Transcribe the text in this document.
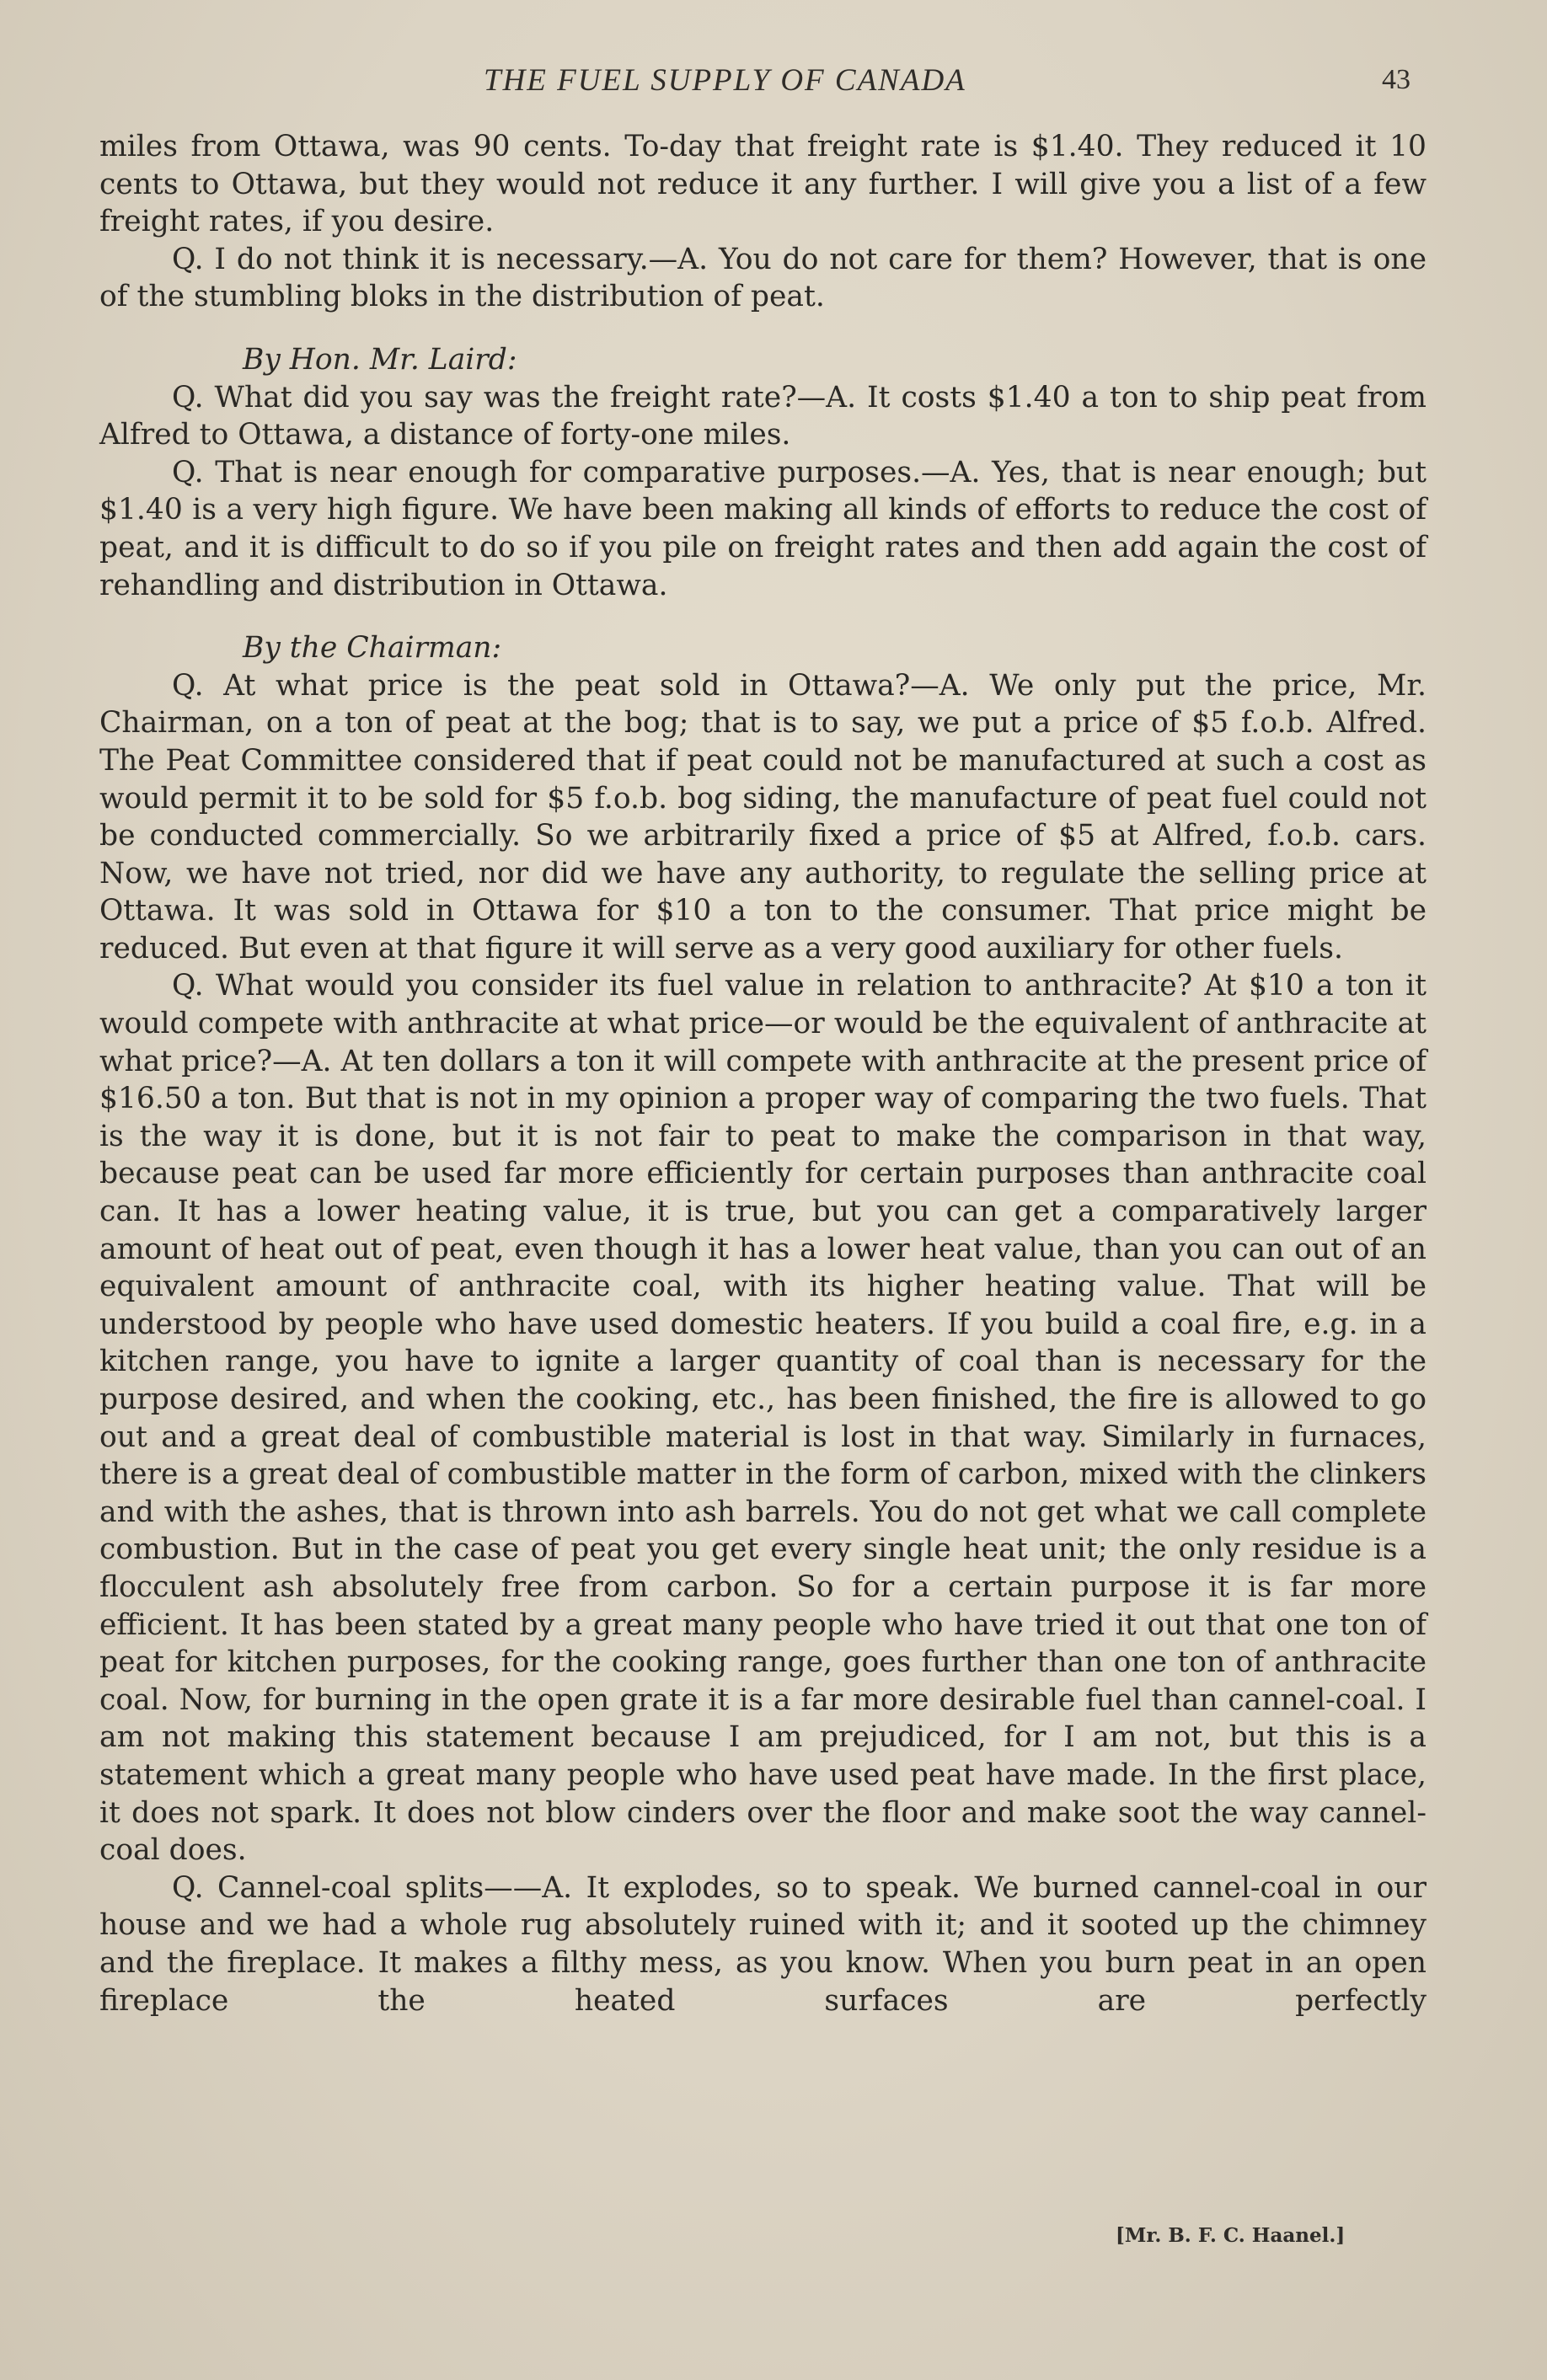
THE FUEL SUPPLY OF CANADA	43

miles from Ottawa, was 90 cents. To-day that freight rate is $1.40. They reduced it 10 cents to Ottawa, but they would not reduce it any further. I will give you a list of a few freight rates, if you desire.

Q. I do not think it is necessary.—A. You do not care for them? However, that is one of the stumbling bloks in the distribution of peat.

By Hon. Mr. Laird:

Q. What did you say was the freight rate?—A. It costs $1.40 a ton to ship peat from Alfred to Ottawa, a distance of forty-one miles.

Q. That is near enough for comparative purposes.—A. Yes, that is near enough; but $1.40 is a very high figure. We have been making all kinds of efforts to reduce the cost of peat, and it is difficult to do so if you pile on freight rates and then add again the cost of rehandling and distribution in Ottawa.

By the Chairman:

Q. At what price is the peat sold in Ottawa?—A. We only put the price, Mr. Chairman, on a ton of peat at the bog; that is to say, we put a price of $5 f.o.b. Alfred. The Peat Committee considered that if peat could not be manufactured at such a cost as would permit it to be sold for $5 f.o.b. bog siding, the manufacture of peat fuel could not be conducted commercially. So we arbitrarily fixed a price of $5 at Alfred, f.o.b. cars. Now, we have not tried, nor did we have any authority, to regulate the selling price at Ottawa. It was sold in Ottawa for $10 a ton to the consumer. That price might be reduced. But even at that figure it will serve as a very good auxiliary for other fuels.

Q. What would you consider its fuel value in relation to anthracite? At $10 a ton it would compete with anthracite at what price—or would be the equivalent of anthracite at what price?—A. At ten dollars a ton it will compete with anthracite at the present price of $16.50 a ton. But that is not in my opinion a proper way of comparing the two fuels. That is the way it is done, but it is not fair to peat to make the comparison in that way, because peat can be used far more efficiently for certain purposes than anthracite coal can. It has a lower heating value, it is true, but you can get a comparatively larger amount of heat out of peat, even though it has a lower heat value, than you can out of an equivalent amount of anthracite coal, with its higher heating value. That will be understood by people who have used domestic heaters. If you build a coal fire, e.g. in a kitchen range, you have to ignite a larger quantity of coal than is necessary for the purpose desired, and when the cooking, etc., has been finished, the fire is allowed to go out and a great deal of combustible material is lost in that way. Similarly in furnaces, there is a great deal of combustible matter in the form of carbon, mixed with the clinkers and with the ashes, that is thrown into ash barrels. You do not get what we call complete combustion. But in the case of peat you get every single heat unit; the only residue is a flocculent ash absolutely free from carbon. So for a certain purpose it is far more efficient. It has been stated by a great many people who have tried it out that one ton of peat for kitchen purposes, for the cooking range, goes further than one ton of anthracite coal. Now, for burning in the open grate it is a far more desirable fuel than cannel-coal. I am not making this statement because I am prejudiced, for I am not, but this is a statement which a great many people who have used peat have made. In the first place, it does not spark. It does not blow cinders over the floor and make soot the way cannel-coal does.

Q. Cannel-coal splits——A. It explodes, so to speak. We burned cannel-coal in our house and we had a whole rug absolutely ruined with it; and it sooted up the chimney and the fireplace. It makes a filthy mess, as you know. When you burn peat in an open fireplace the heated surfaces are perfectly

[Mr. B. F. C. Haanel.]
